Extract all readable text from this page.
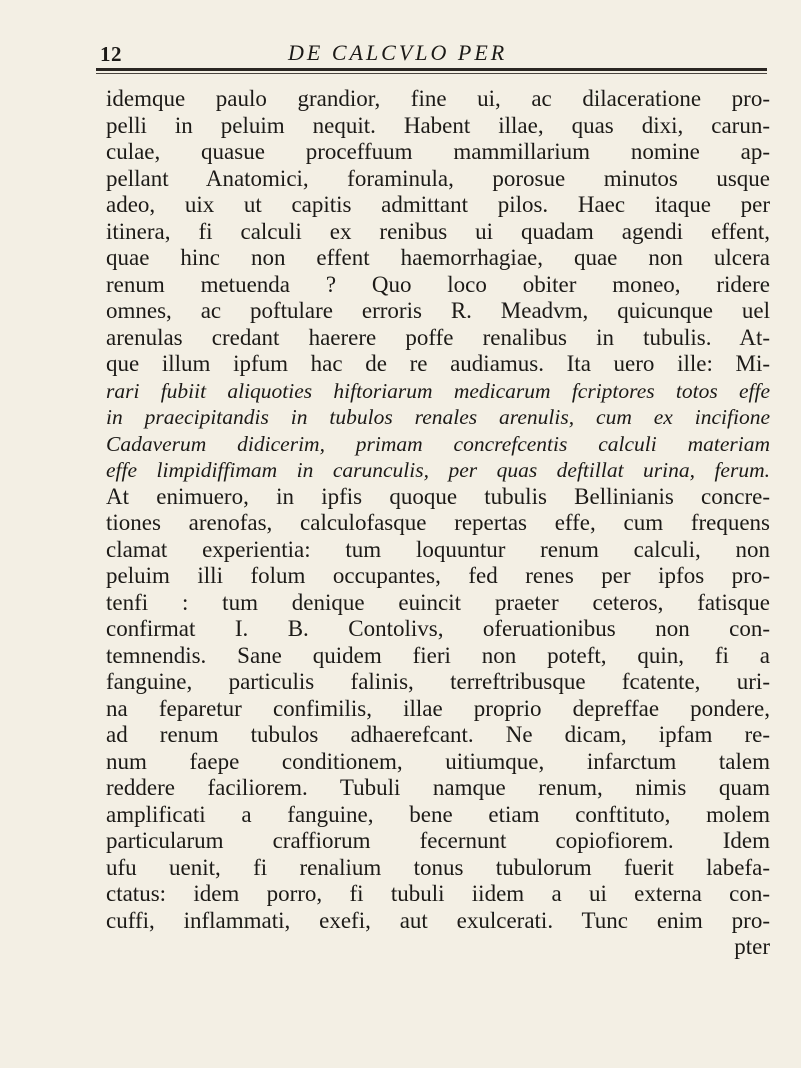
12	DE CALCVLO PER
idemque paulo grandior, fine ui, ac dilaceratione pro-
pelli in peluim nequit. Habent illae, quas dixi, carun-
culae, quasue proceffuum mammillarium nomine ap-
pellant Anatomici, foraminula, porosue minutos usque
adeo, uix ut capitis admittant pilos. Haec itaque per
itinera, fi calculi ex renibus ui quadam agendi effent,
quae hinc non effent haemorrhagiae, quae non ulcera
renum metuenda ? Quo loco obiter moneo, ridere
omnes, ac poftulare erroris R. Meadvm, quicunque uel
arenulas credant haerere poffe renalibus in tubulis. At-
que illum ipfum hac de re audiamus. Ita uero ille: Mi-
rari fubiit aliquoties hiftoriarum medicarum fcriptores totos effe
in praecipitandis in tubulos renales arenulis, cum ex incifione
Cadaverum didicerim, primam concrefcentis calculi materiam
effe limpidiffimam in carunculis, per quas deftillat urina, ferum.
At enimuero, in ipfis quoque tubulis Bellinianis concre-
tiones arenofas, calculofasque repertas effe, cum frequens
clamat experientia: tum loquuntur renum calculi, non
peluim illi folum occupantes, fed renes per ipfos pro-
tenfi : tum denique euincit praeter ceteros, fatisque
confirmat I. B. Contolivs, oferuationibus non con-
temnendis. Sane quidem fieri non poteft, quin, fi a
fanguine, particulis falinis, terreftribusque fcatente, uri-
na feparetur confimilis, illae proprio depreffae pondere,
ad renum tubulos adhaerefcant. Ne dicam, ipfam re-
num faepe conditionem, uitiumque, infarctum talem
reddere faciliorem. Tubuli namque renum, nimis quam
amplificati a fanguine, bene etiam conftituto, molem
particularum craffiorum fecernunt copiofiorem. Idem
ufu uenit, fi renalium tonus tubulorum fuerit labefa-
ctatus: idem porro, fi tubuli iidem a ui externa con-
cuffi, inflammati, exefi, aut exulcerati. Tunc enim pro-
pter
